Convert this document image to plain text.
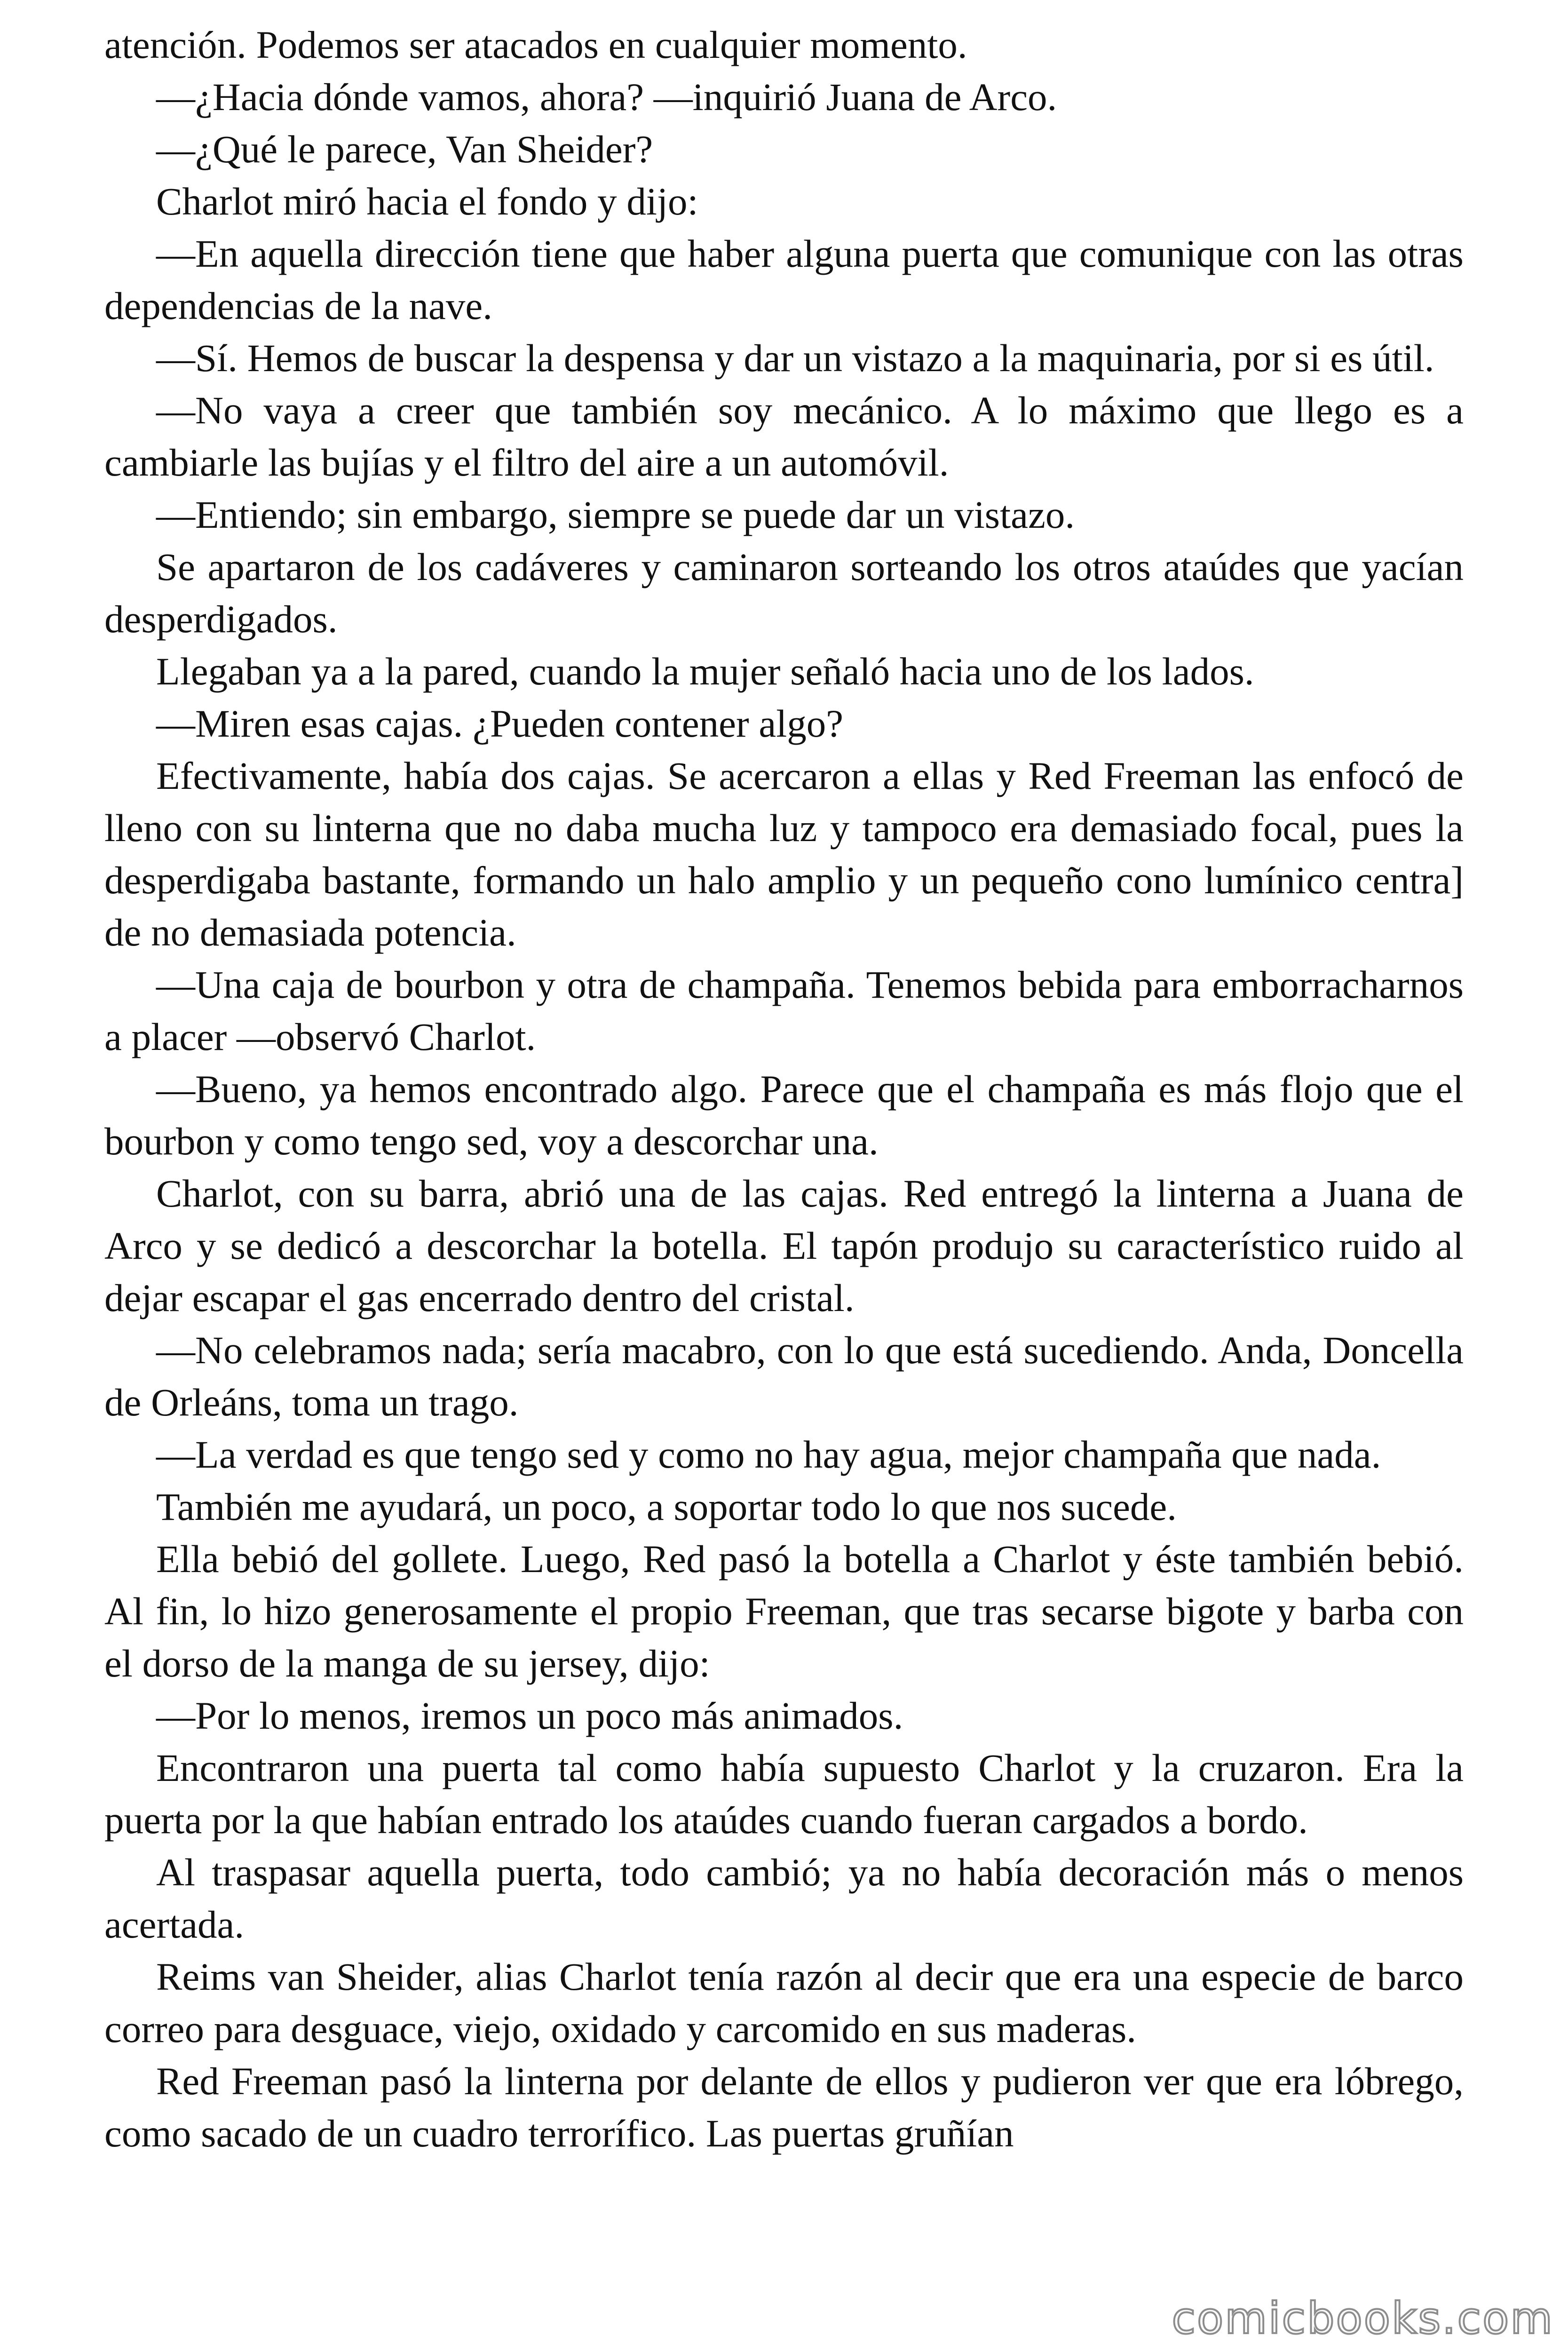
atención. Podemos ser atacados en cualquier momento.

—¿Hacia dónde vamos, ahora? —inquirió Juana de Arco.

—¿Qué le parece, Van Sheider?

Charlot miró hacia el fondo y dijo:

—En aquella dirección tiene que haber alguna puerta que comunique con las otras dependencias de la nave.

—Sí. Hemos de buscar la despensa y dar un vistazo a la maquinaria, por si es útil.

—No vaya a creer que también soy mecánico. A lo máximo que llego es a cambiarle las bujías y el filtro del aire a un automóvil.

—Entiendo; sin embargo, siempre se puede dar un vistazo.

Se apartaron de los cadáveres y caminaron sorteando los otros ataúdes que yacían desperdigados.

Llegaban ya a la pared, cuando la mujer señaló hacia uno de los lados.

—Miren esas cajas. ¿Pueden contener algo?

Efectivamente, había dos cajas. Se acercaron a ellas y Red Freeman las enfocó de lleno con su linterna que no daba mucha luz y tampoco era demasiado focal, pues la desperdigaba bastante, formando un halo amplio y un pequeño cono lumínico centra] de no demasiada potencia.

—Una caja de bourbon y otra de champaña. Tenemos bebida para emborracharnos a placer —observó Charlot.

—Bueno, ya hemos encontrado algo. Parece que el champaña es más flojo que el bourbon y como tengo sed, voy a descorchar una.

Charlot, con su barra, abrió una de las cajas. Red entregó la linterna a Juana de Arco y se dedicó a descorchar la botella. El tapón produjo su característico ruido al dejar escapar el gas encerrado dentro del cristal.

—No celebramos nada; sería macabro, con lo que está sucediendo. Anda, Doncella de Orleáns, toma un trago.

—La verdad es que tengo sed y como no hay agua, mejor champaña que nada.

También me ayudará, un poco, a soportar todo lo que nos sucede.

Ella bebió del gollete. Luego, Red pasó la botella a Charlot y éste también bebió. Al fin, lo hizo generosamente el propio Freeman, que tras secarse bigote y barba con el dorso de la manga de su jersey, dijo:

—Por lo menos, iremos un poco más animados.

Encontraron una puerta tal como había supuesto Charlot y la cruzaron. Era la puerta por la que habían entrado los ataúdes cuando fueran cargados a bordo.

Al traspasar aquella puerta, todo cambió; ya no había decoración más o menos acertada.

Reims van Sheider, alias Charlot tenía razón al decir que era una especie de barco correo para desguace, viejo, oxidado y carcomido en sus maderas.

Red Freeman pasó la linterna por delante de ellos y pudieron ver que era lóbrego, como sacado de un cuadro terrorífico. Las puertas gruñían

comicbooks.com
